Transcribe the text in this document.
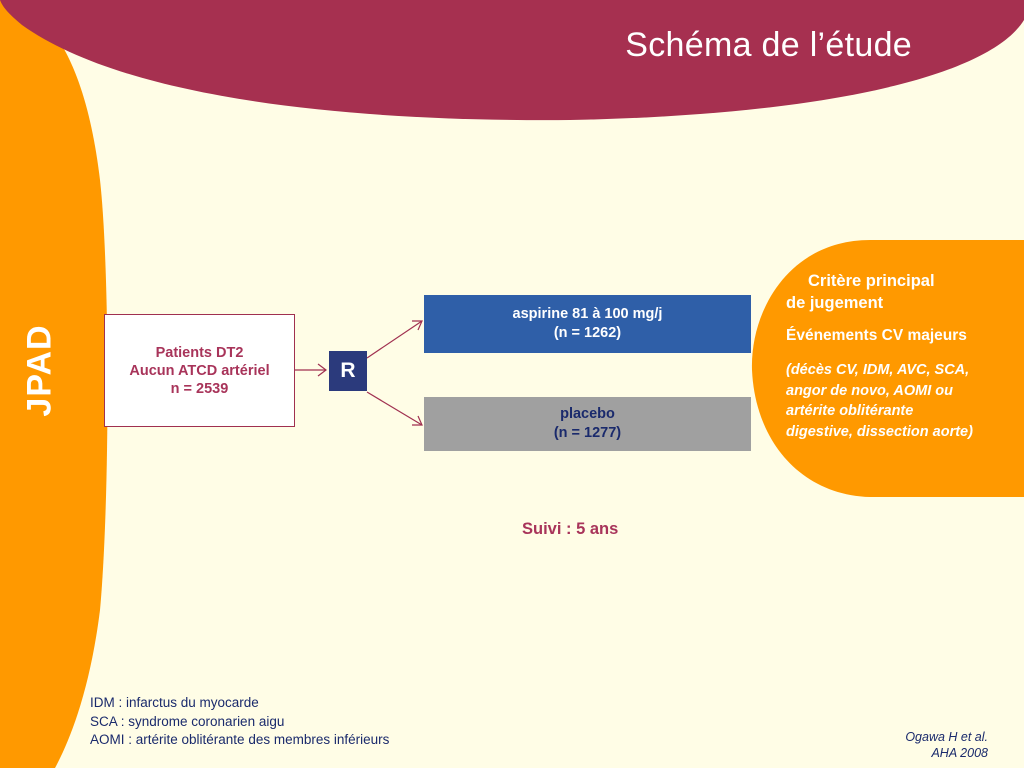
Schéma de l’étude
JPAD	Patients DT2
Aucun ATCD artériel
n = 2539
R
aspirine 81 à 100 mg/j
(n = 1262)
placebo
(n = 1277)
Critère principal
de jugement
Événements CV majeurs
(décès CV, IDM, AVC, SCA,
angor de novo, AOMI ou
artérite oblitérante
digestive, dissection aorte)
Suivi : 5 ans
IDM : infarctus du myocarde
SCA : syndrome coronarien aigu
AOMI : artérite oblitérante des membres inférieurs	Ogawa H et al.
AHA 2008
